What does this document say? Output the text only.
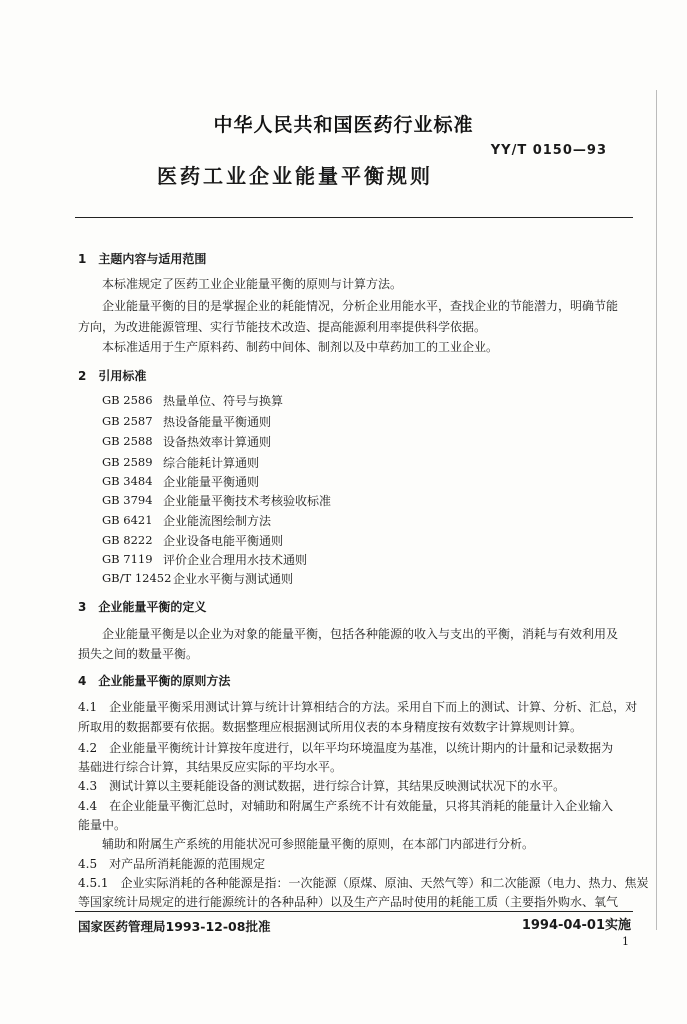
中华人民共和国医药行业标准
YY/T 0150—93
医药工业企业能量平衡规则
1　主题内容与适用范围
本标准规定了医药工业企业能量平衡的原则与计算方法。
企业能量平衡的目的是掌握企业的耗能情况，分析企业用能水平，查找企业的节能潜力，明确节能
方向，为改进能源管理、实行节能技术改造、提高能源利用率提供科学依据。
本标准适用于生产原料药、制药中间体、制剂以及中草药加工的工业企业。
2　引用标准
GB 2586 热量单位、符号与换算
GB 2587 热设备能量平衡通则
GB 2588 设备热效率计算通则
GB 2589 综合能耗计算通则
GB 3484 企业能量平衡通则
GB 3794 企业能量平衡技术考核验收标准
GB 6421 企业能流图绘制方法
GB 8222 企业设备电能平衡通则
GB 7119 评价企业合理用水技术通则
GB/T 12452 企业水平衡与测试通则
3　企业能量平衡的定义
企业能量平衡是以企业为对象的能量平衡，包括各种能源的收入与支出的平衡，消耗与有效利用及
损失之间的数量平衡。
4　企业能量平衡的原则方法
4.1　企业能量平衡采用测试计算与统计计算相结合的方法。采用自下而上的测试、计算、分析、汇总，对
所取用的数据都要有依据。数据整理应根据测试所用仪表的本身精度按有效数字计算规则计算。
4.2　企业能量平衡统计计算按年度进行，以年平均环境温度为基准，以统计期内的计量和记录数据为
基础进行综合计算，其结果反应实际的平均水平。
4.3　测试计算以主要耗能设备的测试数据，进行综合计算，其结果反映测试状况下的水平。
4.4　在企业能量平衡汇总时，对辅助和附属生产系统不计有效能量，只将其消耗的能量计入企业输入
能量中。
辅助和附属生产系统的用能状况可参照能量平衡的原则，在本部门内部进行分析。
4.5　对产品所消耗能源的范围规定
4.5.1　企业实际消耗的各种能源是指：一次能源（原煤、原油、天然气等）和二次能源（电力、热力、焦炭
等国家统计局规定的进行能源统计的各种品种）以及生产产品时使用的耗能工质（主要指外购水、氧气
国家医药管理局1993-12-08批准	1994-04-01实施
1
